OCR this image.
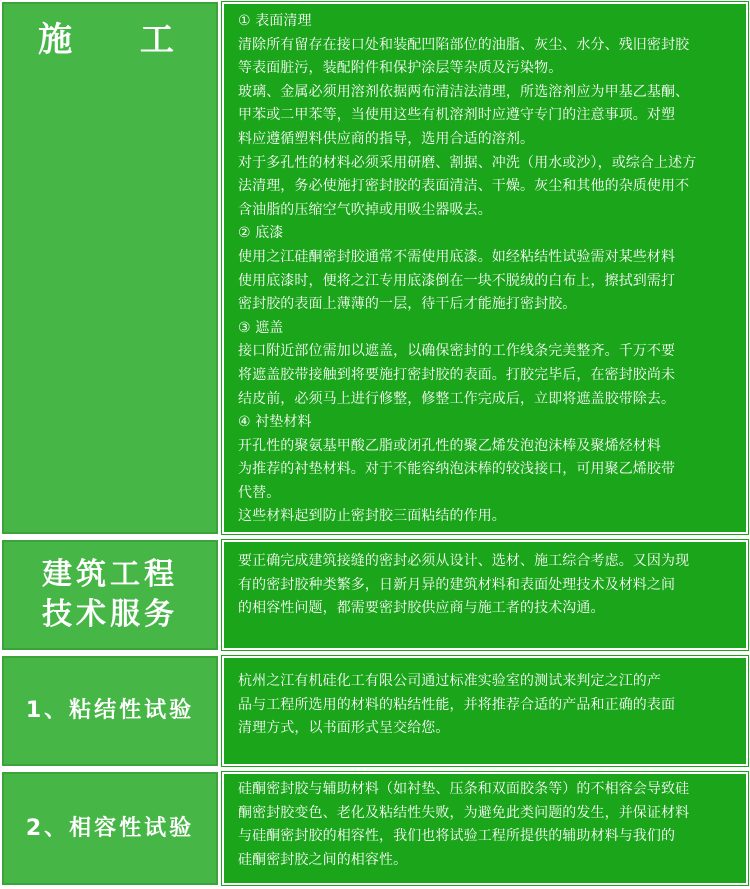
施 工	① 表面清理

清除所有留存在接口处和装配凹陷部位的油脂、灰尘、水分、残旧密封胶

等表面脏污，装配附件和保护涂层等杂质及污染物。

玻璃、金属必须用溶剂依据两布清洁法清理，所选溶剂应为甲基乙基酮、

甲苯或二甲苯等，当使用这些有机溶剂时应遵守专门的注意事项。对塑

料应遵循塑料供应商的指导，选用合适的溶剂。

对于多孔性的材料必须采用研磨、割据、冲洗（用水或沙），或综合上述方

法清理，务必使施打密封胶的表面清洁、干燥。灰尘和其他的杂质使用不

含油脂的压缩空气吹掉或用吸尘器吸去。

② 底漆

使用之江硅酮密封胶通常不需使用底漆。如经粘结性试验需对某些材料

使用底漆时，便将之江专用底漆倒在一块不脱绒的白布上，擦拭到需打

密封胶的表面上薄薄的一层，待干后才能施打密封胶。

③ 遮盖

接口附近部位需加以遮盖，以确保密封的工作线条完美整齐。千万不要

将遮盖胶带接触到将要施打密封胶的表面。打胶完毕后，在密封胶尚未

结皮前，必须马上进行修整，修整工作完成后，立即将遮盖胶带除去。

④ 衬垫材料

开孔性的聚氨基甲酸乙脂或闭孔性的聚乙烯发泡泡沫棒及聚烯烃材料

为推荐的衬垫材料。对于不能容纳泡沫棒的较浅接口，可用聚乙烯胶带

代替。

这些材料起到防止密封胶三面粘结的作用。

建筑工程
技术服务

要正确完成建筑接缝的密封必须从设计、选材、施工综合考虑。又因为现

有的密封胶种类繁多，日新月异的建筑材料和表面处理技术及材料之间

的相容性问题，都需要密封胶供应商与施工者的技术沟通。

1、粘结性试验

杭州之江有机硅化工有限公司通过标准实验室的测试来判定之江的产

品与工程所选用的材料的粘结性能，并将推荐合适的产品和正确的表面

清理方式，以书面形式呈交给您。

2、相容性试验

硅酮密封胶与辅助材料（如衬垫、压条和双面胶条等）的不相容会导致硅

酮密封胶变色、老化及粘结性失败，为避免此类问题的发生，并保证材料

与硅酮密封胶的相容性，我们也将试验工程所提供的辅助材料与我们的

硅酮密封胶之间的相容性。
